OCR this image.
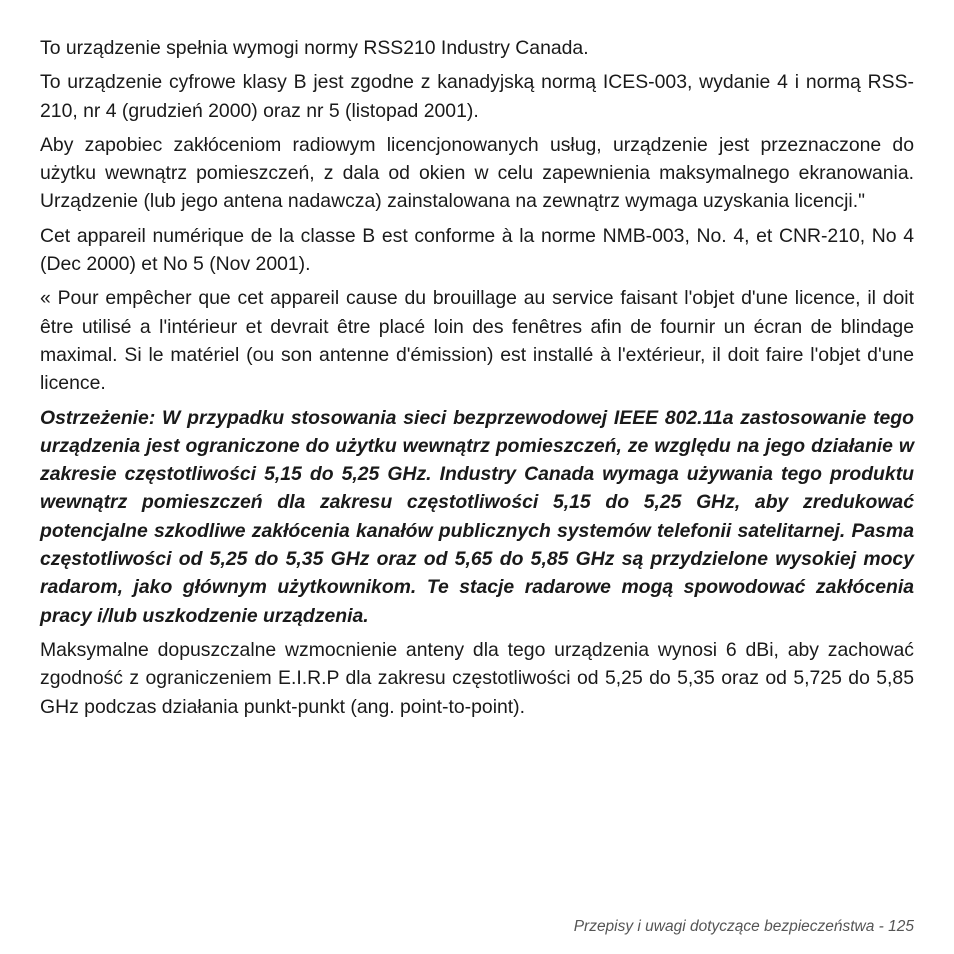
To urządzenie spełnia wymogi normy RSS210 Industry Canada.

To urządzenie cyfrowe klasy B jest zgodne z kanadyjską normą ICES-003, wydanie 4 i normą RSS-210, nr 4 (grudzień 2000) oraz nr 5 (listopad 2001).

Aby zapobiec zakłóceniom radiowym licencjonowanych usług, urządzenie jest przeznaczone do użytku wewnątrz pomieszczeń, z dala od okien w celu zapewnienia maksymalnego ekranowania. Urządzenie (lub jego antena nadawcza) zainstalowana na zewnątrz wymaga uzyskania licencji."

Cet appareil numérique de la classe B est conforme à la norme NMB-003, No. 4, et CNR-210, No 4 (Dec 2000) et No 5 (Nov 2001).

« Pour empêcher que cet appareil cause du brouillage au service faisant l'objet d'une licence, il doit être utilisé a l'intérieur et devrait être placé loin des fenêtres afin de fournir un écran de blindage maximal. Si le matériel (ou son antenne d'émission) est installé à l'extérieur, il doit faire l'objet d'une licence.

Ostrzeżenie: W przypadku stosowania sieci bezprzewodowej IEEE 802.11a zastosowanie tego urządzenia jest ograniczone do użytku wewnątrz pomieszczeń, ze względu na jego działanie w zakresie częstotliwości 5,15 do 5,25 GHz. Industry Canada wymaga używania tego produktu wewnątrz pomieszczeń dla zakresu częstotliwości 5,15 do 5,25 GHz, aby zredukować potencjalne szkodliwe zakłócenia kanałów publicznych systemów telefonii satelitarnej. Pasma częstotliwości od 5,25 do 5,35 GHz oraz od 5,65 do 5,85 GHz są przydzielone wysokiej mocy radarom, jako głównym użytkownikom. Te stacje radarowe mogą spowodować zakłócenia pracy i/lub uszkodzenie urządzenia.

Maksymalne dopuszczalne wzmocnienie anteny dla tego urządzenia wynosi 6 dBi, aby zachować zgodność z ograniczeniem E.I.R.P dla zakresu częstotliwości od 5,25 do 5,35 oraz od 5,725 do 5,85 GHz podczas działania punkt-punkt (ang. point-to-point).

Przepisy i uwagi dotyczące bezpieczeństwa - 125
